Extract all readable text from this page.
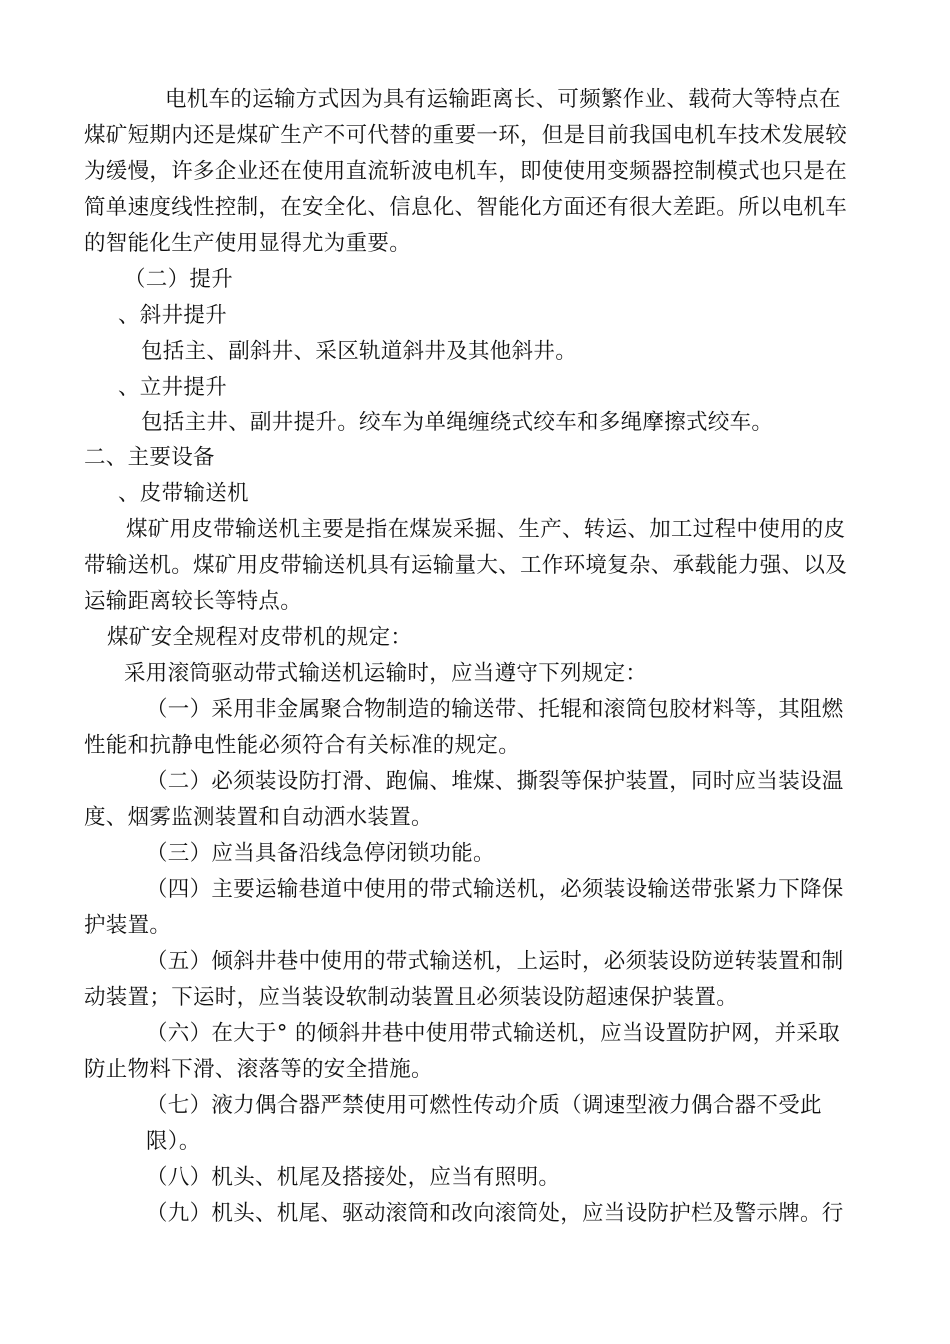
电机车的运输方式因为具有运输距离长、可频繁作业、载荷大等特点在
煤矿短期内还是煤矿生产不可代替的重要一环，但是目前我国电机车技术发展较
为缓慢，许多企业还在使用直流斩波电机车，即使使用变频器控制模式也只是在
简单速度线性控制，在安全化、信息化、智能化方面还有很大差距。所以电机车
的智能化生产使用显得尤为重要。
（二）提升
、斜井提升
包括主、副斜井、采区轨道斜井及其他斜井。
、立井提升
包括主井、副井提升。绞车为单绳缠绕式绞车和多绳摩擦式绞车。
二、主要设备
、皮带输送机
煤矿用皮带输送机主要是指在煤炭采掘、生产、转运、加工过程中使用的皮
带输送机。煤矿用皮带输送机具有运输量大、工作环境复杂、承载能力强、以及
运输距离较长等特点。
煤矿安全规程对皮带机的规定：
采用滚筒驱动带式输送机运输时，应当遵守下列规定：
（一）采用非金属聚合物制造的输送带、托辊和滚筒包胶材料等，其阻燃
性能和抗静电性能必须符合有关标准的规定。
（二）必须装设防打滑、跑偏、堆煤、撕裂等保护装置，同时应当装设温
度、烟雾监测装置和自动洒水装置。
（三）应当具备沿线急停闭锁功能。
（四）主要运输巷道中使用的带式输送机，必须装设输送带张紧力下降保
护装置。
（五）倾斜井巷中使用的带式输送机，上运时，必须装设防逆转装置和制
动装置；下运时，应当装设软制动装置且必须装设防超速保护装置。
（六）在大于° 的倾斜井巷中使用带式输送机，应当设置防护网，并采取
防止物料下滑、滚落等的安全措施。
（七）液力偶合器严禁使用可燃性传动介质（调速型液力偶合器不受此
限）。
（八）机头、机尾及搭接处，应当有照明。
（九）机头、机尾、驱动滚筒和改向滚筒处，应当设防护栏及警示牌。行
